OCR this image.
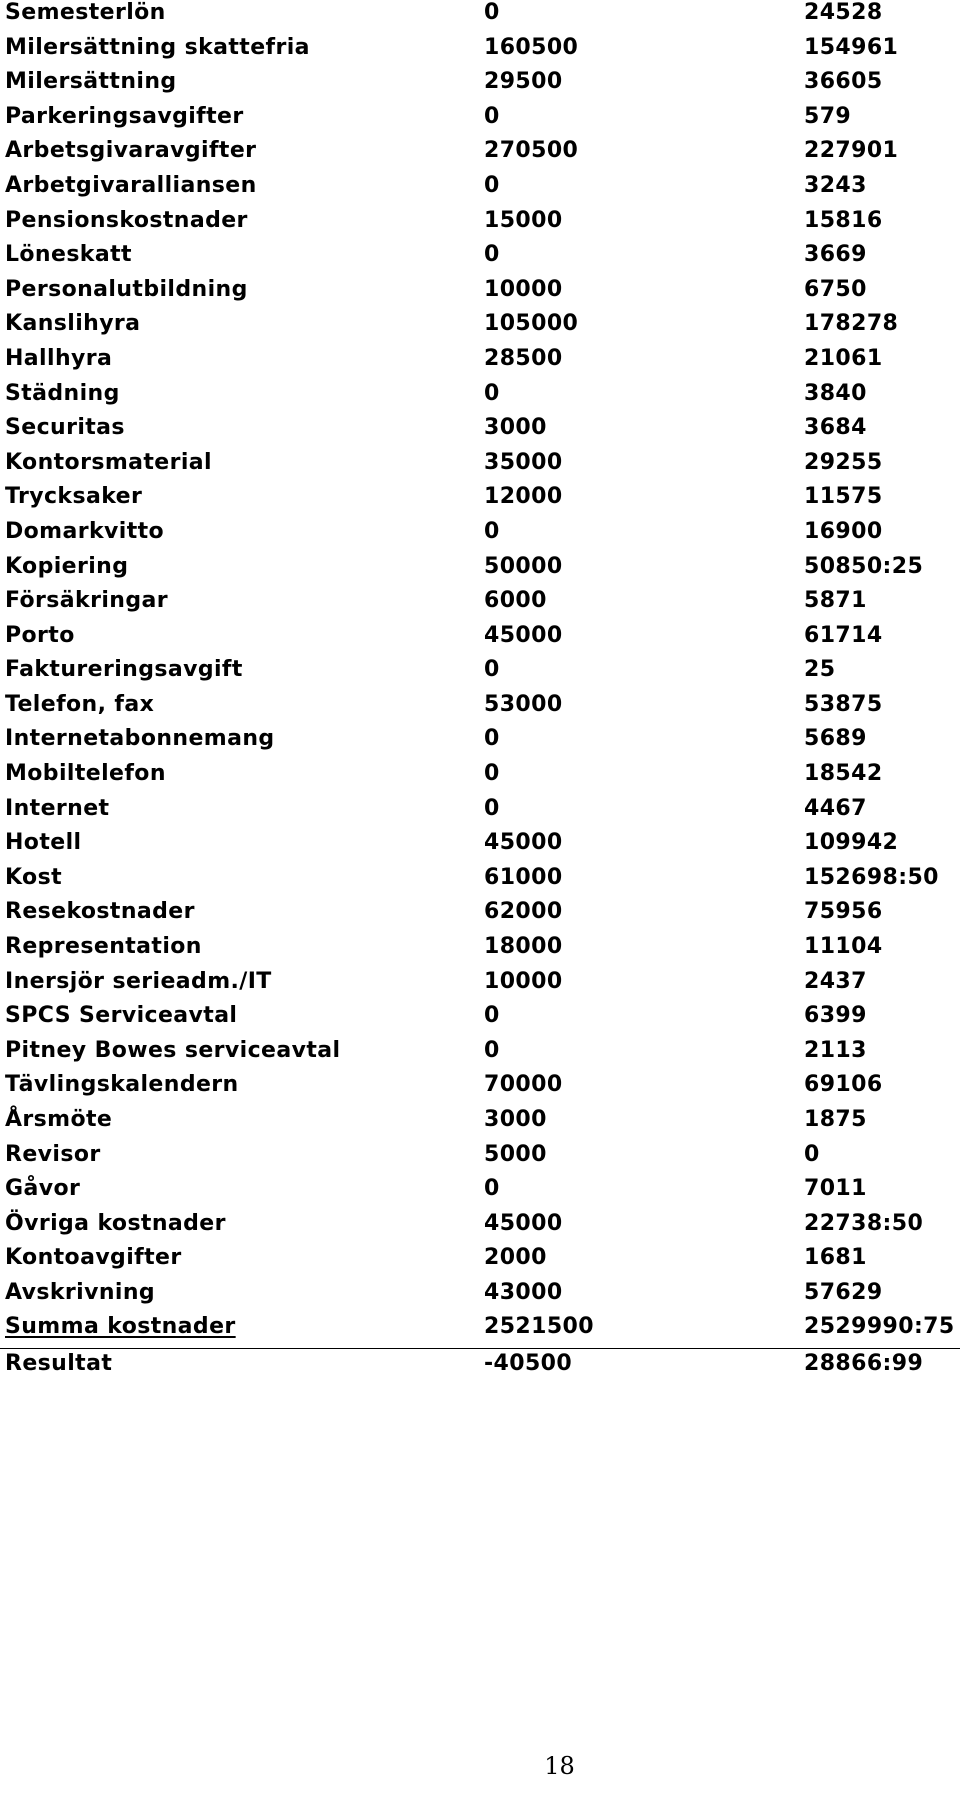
Semesterlön	0	24528
Milersättning skattefria	160500	154961
Milersättning	29500	36605
Parkeringsavgifter	0	579
Arbetsgivaravgifter	270500	227901
Arbetgivaralliansen	0	3243
Pensionskostnader	15000	15816
Löneskatt	0	3669
Personalutbildning	10000	6750
Kanslihyra	105000	178278
Hallhyra	28500	21061
Städning	0	3840
Securitas	3000	3684
Kontorsmaterial	35000	29255
Trycksaker	12000	11575
Domarkvitto	0	16900
Kopiering	50000	50850:25
Försäkringar	6000	5871
Porto	45000	61714
Faktureringsavgift	0	25
Telefon, fax	53000	53875
Internetabonnemang	0	5689
Mobiltelefon	0	18542
Internet	0	4467
Hotell	45000	109942
Kost	61000	152698:50
Resekostnader	62000	75956
Representation	18000	11104
Inersjör serieadm./IT	10000	2437
SPCS Serviceavtal	0	6399
Pitney Bowes serviceavtal	0	2113
Tävlingskalendern	70000	69106
Årsmöte	3000	1875
Revisor	5000	0
Gåvor	0	7011
Övriga kostnader	45000	22738:50
Kontoavgifter	2000	1681
Avskrivning	43000	57629
Summa kostnader	2521500	2529990:75
Resultat	-40500	28866:99
18
